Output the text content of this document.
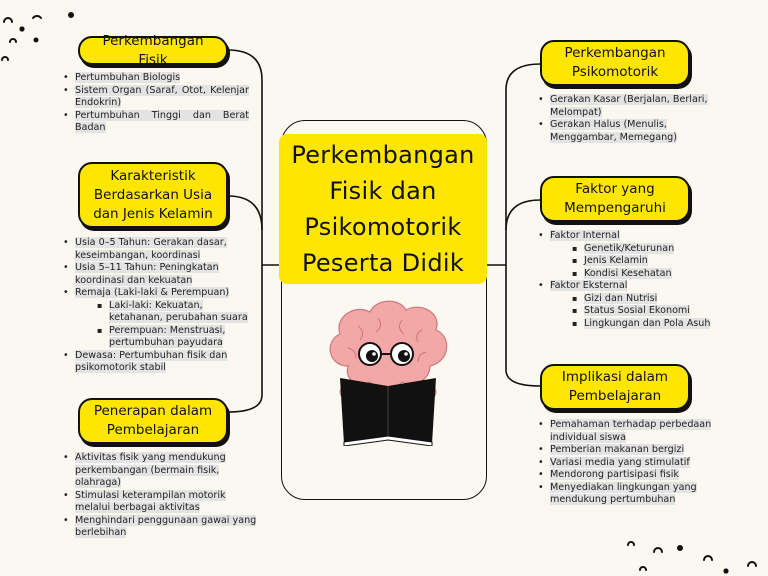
Perkembangan Fisik dan Psikomotorik Peserta Didik
Perkembangan Fisik
• Pertumbuhan Biologis
• Sistem Organ (Saraf, Otot, Kelenjar Endokrin)
• Pertumbuhan Tinggi dan Berat Badan
Karakteristik Berdasarkan Usia dan Jenis Kelamin
• Usia 0–5 Tahun: Gerakan dasar, keseimbangan, koordinasi
• Usia 5–11 Tahun: Peningkatan koordinasi dan kekuatan
• Remaja (Laki-laki & Perempuan)
▪ Laki-laki: Kekuatan, ketahanan, perubahan suara
▪ Perempuan: Menstruasi, pertumbuhan payudara
• Dewasa: Pertumbuhan fisik dan psikomotorik stabil
Penerapan dalam Pembelajaran
• Aktivitas fisik yang mendukung perkembangan (bermain fisik, olahraga)
• Stimulasi keterampilan motorik melalui berbagai aktivitas
• Menghindari penggunaan gawai yang berlebihan
Perkembangan Psikomotorik
• Gerakan Kasar (Berjalan, Berlari, Melompat)
• Gerakan Halus (Menulis, Menggambar, Memegang)
Faktor yang Mempengaruhi
• Faktor Internal
▪ Genetik/Keturunan
▪ Jenis Kelamin
▪ Kondisi Kesehatan
• Faktor Eksternal
▪ Gizi dan Nutrisi
▪ Status Sosial Ekonomi
▪ Lingkungan dan Pola Asuh
Implikasi dalam Pembelajaran
• Pemahaman terhadap perbedaan individual siswa
• Pemberian makanan bergizi
• Variasi media yang stimulatif
• Mendorong partisipasi fisik
• Menyediakan lingkungan yang mendukung pertumbuhan
